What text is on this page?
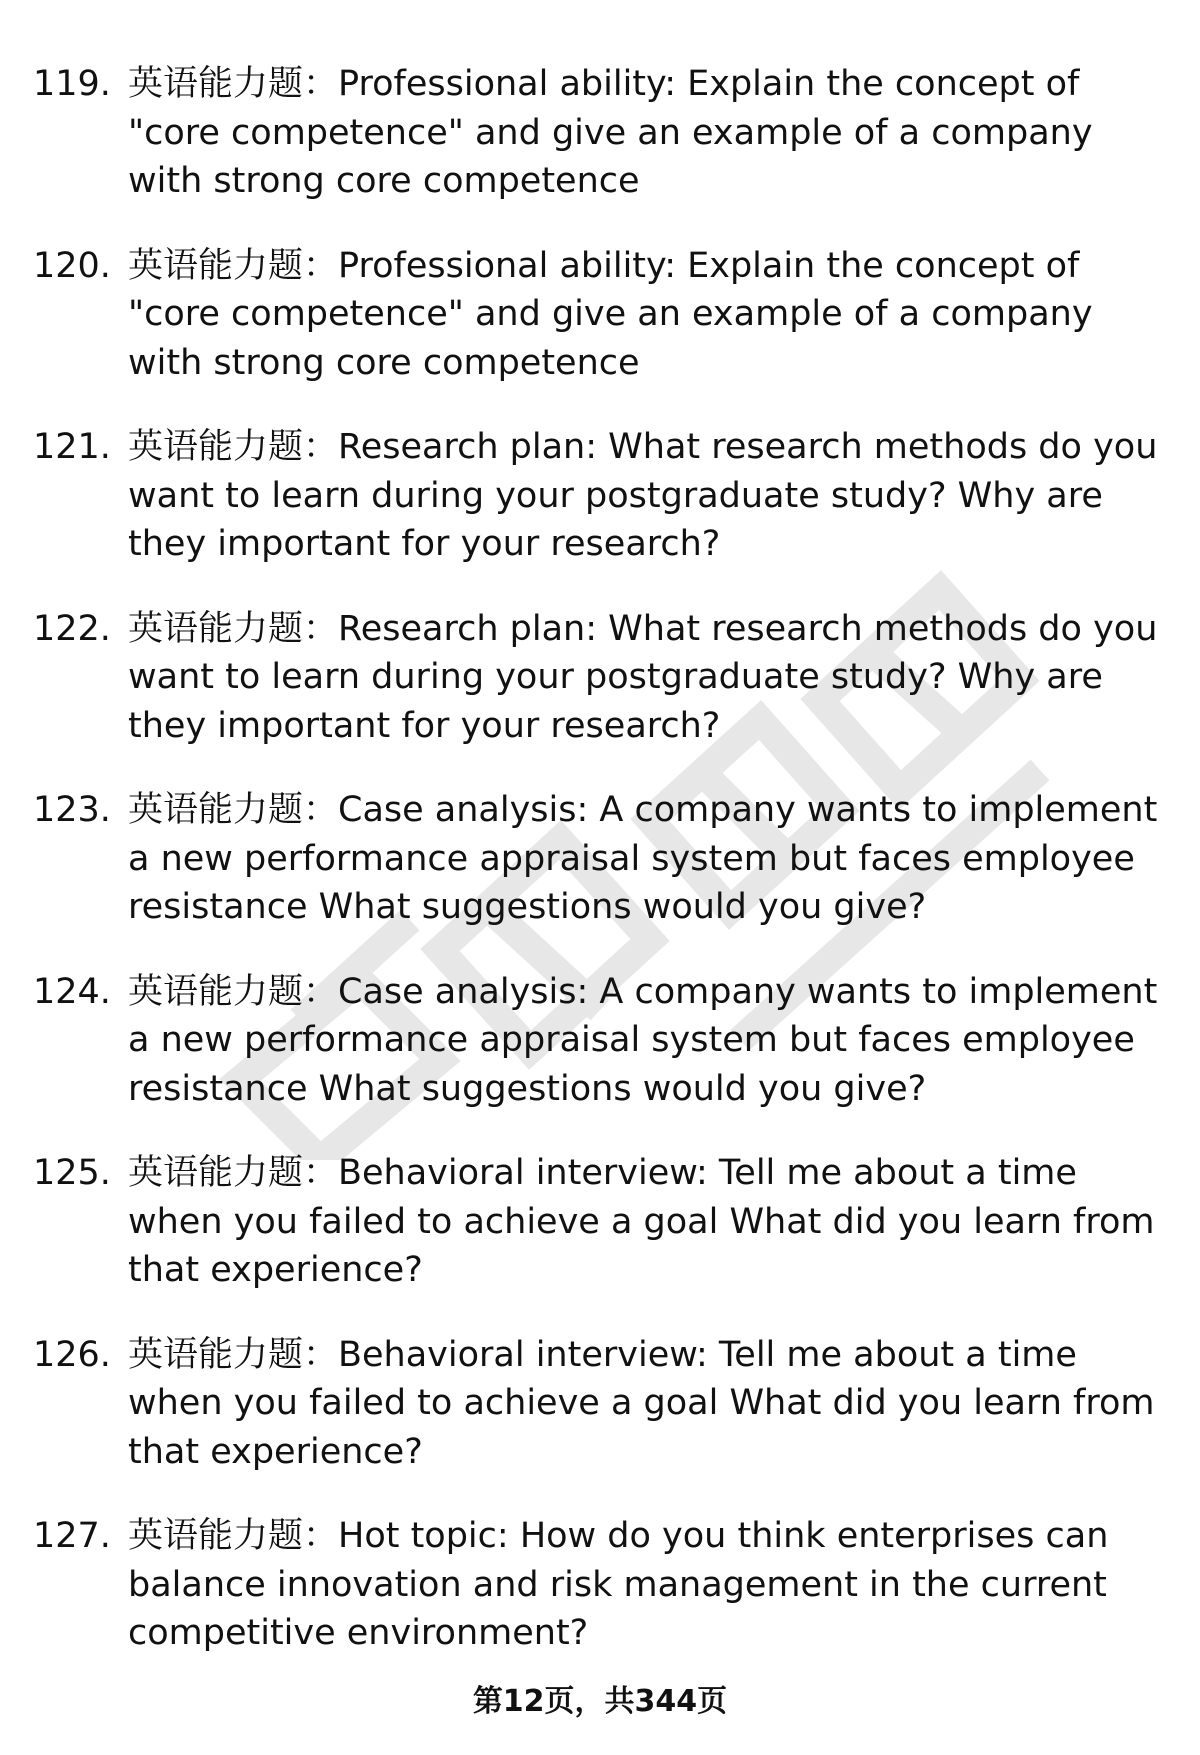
119. 英语能力题：Professional ability: Explain the concept of "core competence" and give an example of a company with strong core competence
120. 英语能力题：Professional ability: Explain the concept of "core competence" and give an example of a company with strong core competence
121. 英语能力题：Research plan: What research methods do you want to learn during your postgraduate study? Why are they important for your research?
122. 英语能力题：Research plan: What research methods do you want to learn during your postgraduate study? Why are they important for your research?
123. 英语能力题：Case analysis: A company wants to implement a new performance appraisal system but faces employee resistance What suggestions would you give?
124. 英语能力题：Case analysis: A company wants to implement a new performance appraisal system but faces employee resistance What suggestions would you give?
125. 英语能力题：Behavioral interview: Tell me about a time when you failed to achieve a goal What did you learn from that experience?
126. 英语能力题：Behavioral interview: Tell me about a time when you failed to achieve a goal What did you learn from that experience?
127. 英语能力题：Hot topic: How do you think enterprises can balance innovation and risk management in the current competitive environment?
第12页，共344页
